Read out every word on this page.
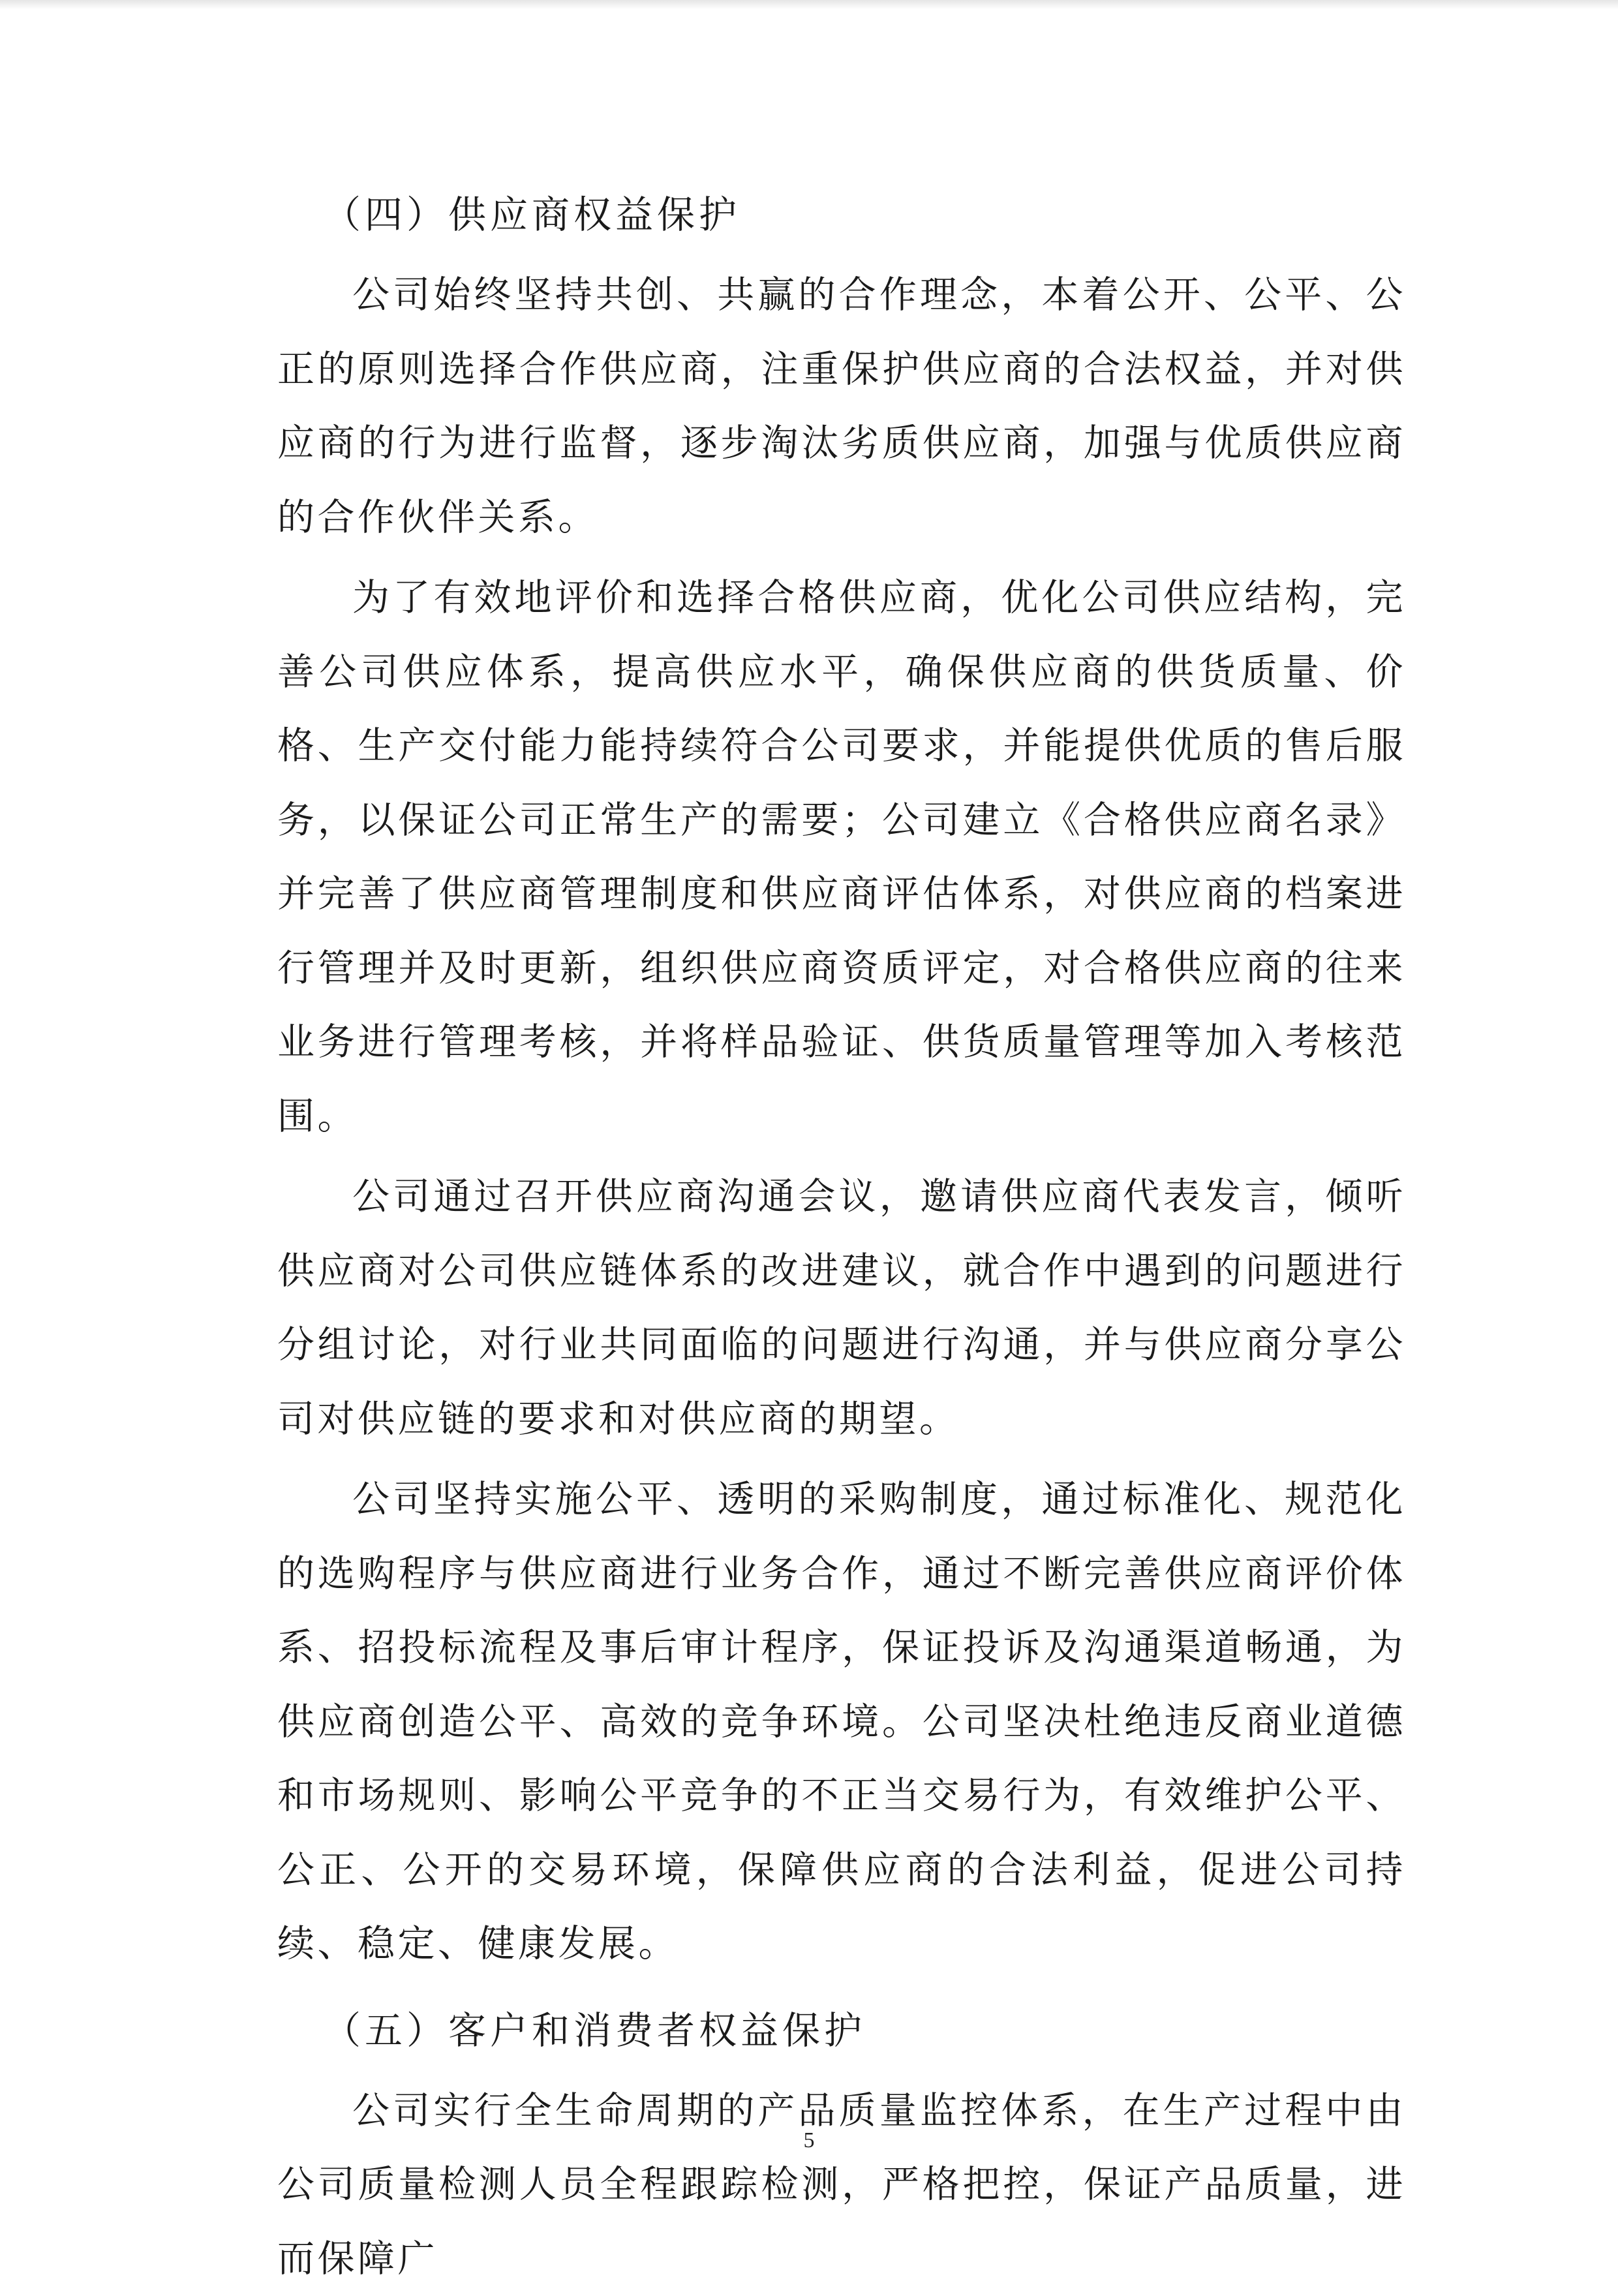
（四）供应商权益保护

公司始终坚持共创、共赢的合作理念，本着公开、公平、公正的原则选择合作供应商，注重保护供应商的合法权益，并对供应商的行为进行监督，逐步淘汰劣质供应商，加强与优质供应商的合作伙伴关系。

为了有效地评价和选择合格供应商，优化公司供应结构，完善公司供应体系，提高供应水平，确保供应商的供货质量、价格、生产交付能力能持续符合公司要求，并能提供优质的售后服务，以保证公司正常生产的需要；公司建立《合格供应商名录》并完善了供应商管理制度和供应商评估体系，对供应商的档案进行管理并及时更新，组织供应商资质评定，对合格供应商的往来业务进行管理考核，并将样品验证、供货质量管理等加入考核范围。

公司通过召开供应商沟通会议，邀请供应商代表发言，倾听供应商对公司供应链体系的改进建议，就合作中遇到的问题进行分组讨论，对行业共同面临的问题进行沟通，并与供应商分享公司对供应链的要求和对供应商的期望。

公司坚持实施公平、透明的采购制度，通过标准化、规范化的选购程序与供应商进行业务合作，通过不断完善供应商评价体系、招投标流程及事后审计程序，保证投诉及沟通渠道畅通，为供应商创造公平、高效的竞争环境。公司坚决杜绝违反商业道德和市场规则、影响公平竞争的不正当交易行为，有效维护公平、公正、公开的交易环境，保障供应商的合法利益，促进公司持续、稳定、健康发展。

（五）客户和消费者权益保护

公司实行全生命周期的产品质量监控体系，在生产过程中由公司质量检测人员全程跟踪检测，严格把控，保证产品质量，进而保障广

5
